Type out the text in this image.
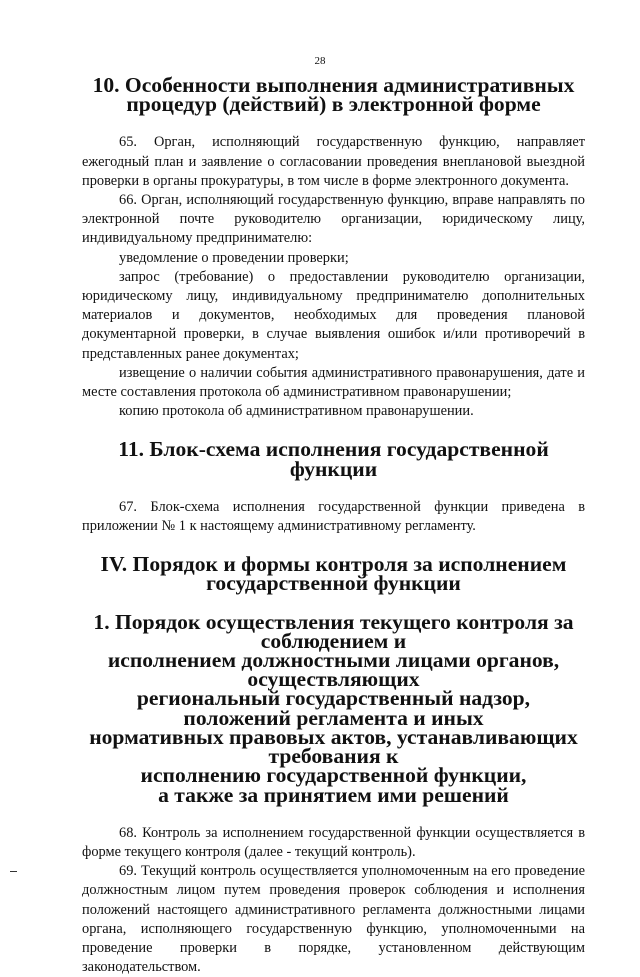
28
10. Особенности выполнения административных
процедур (действий) в электронной форме

65. Орган, исполняющий государственную функцию, направляет ежегодный план и заявление о согласовании проведения внеплановой выездной проверки в органы прокуратуры, в том числе в форме электронного документа.

66. Орган, исполняющий государственную функцию, вправе направлять по электронной почте руководителю организации, юридическому лицу, индивидуальному предпринимателю:

уведомление о проведении проверки;

запрос (требование) о предоставлении руководителю организации, юридическому лицу, индивидуальному предпринимателю дополнительных материалов и документов, необходимых для проведения плановой документарной проверки, в случае выявления ошибок и/или противоречий в представленных ранее документах;

извещение о наличии события административного правонарушения, дате и месте составления протокола об административном правонарушении;

копию протокола об административном правонарушении.

11. Блок-схема исполнения государственной функции

67. Блок-схема исполнения государственной функции приведена в приложении № 1 к настоящему административному регламенту.

IV. Порядок и формы контроля за исполнением
государственной функции
1. Порядок осуществления текущего контроля за соблюдением и
исполнением должностными лицами органов, осуществляющих
региональный государственный надзор, положений регламента и иных
нормативных правовых актов, устанавливающих требования к
исполнению государственной функции,
а также за принятием ими решений

68. Контроль за исполнением государственной функции осуществляется в форме текущего контроля (далее - текущий контроль).

69. Текущий контроль осуществляется уполномоченным на его проведение должностным лицом путем проведения проверок соблюдения и исполнения положений настоящего административного регламента должностными лицами органа, исполняющего государственную функцию, уполномоченными на проведение проверки в порядке, установленном действующим законодательством.
